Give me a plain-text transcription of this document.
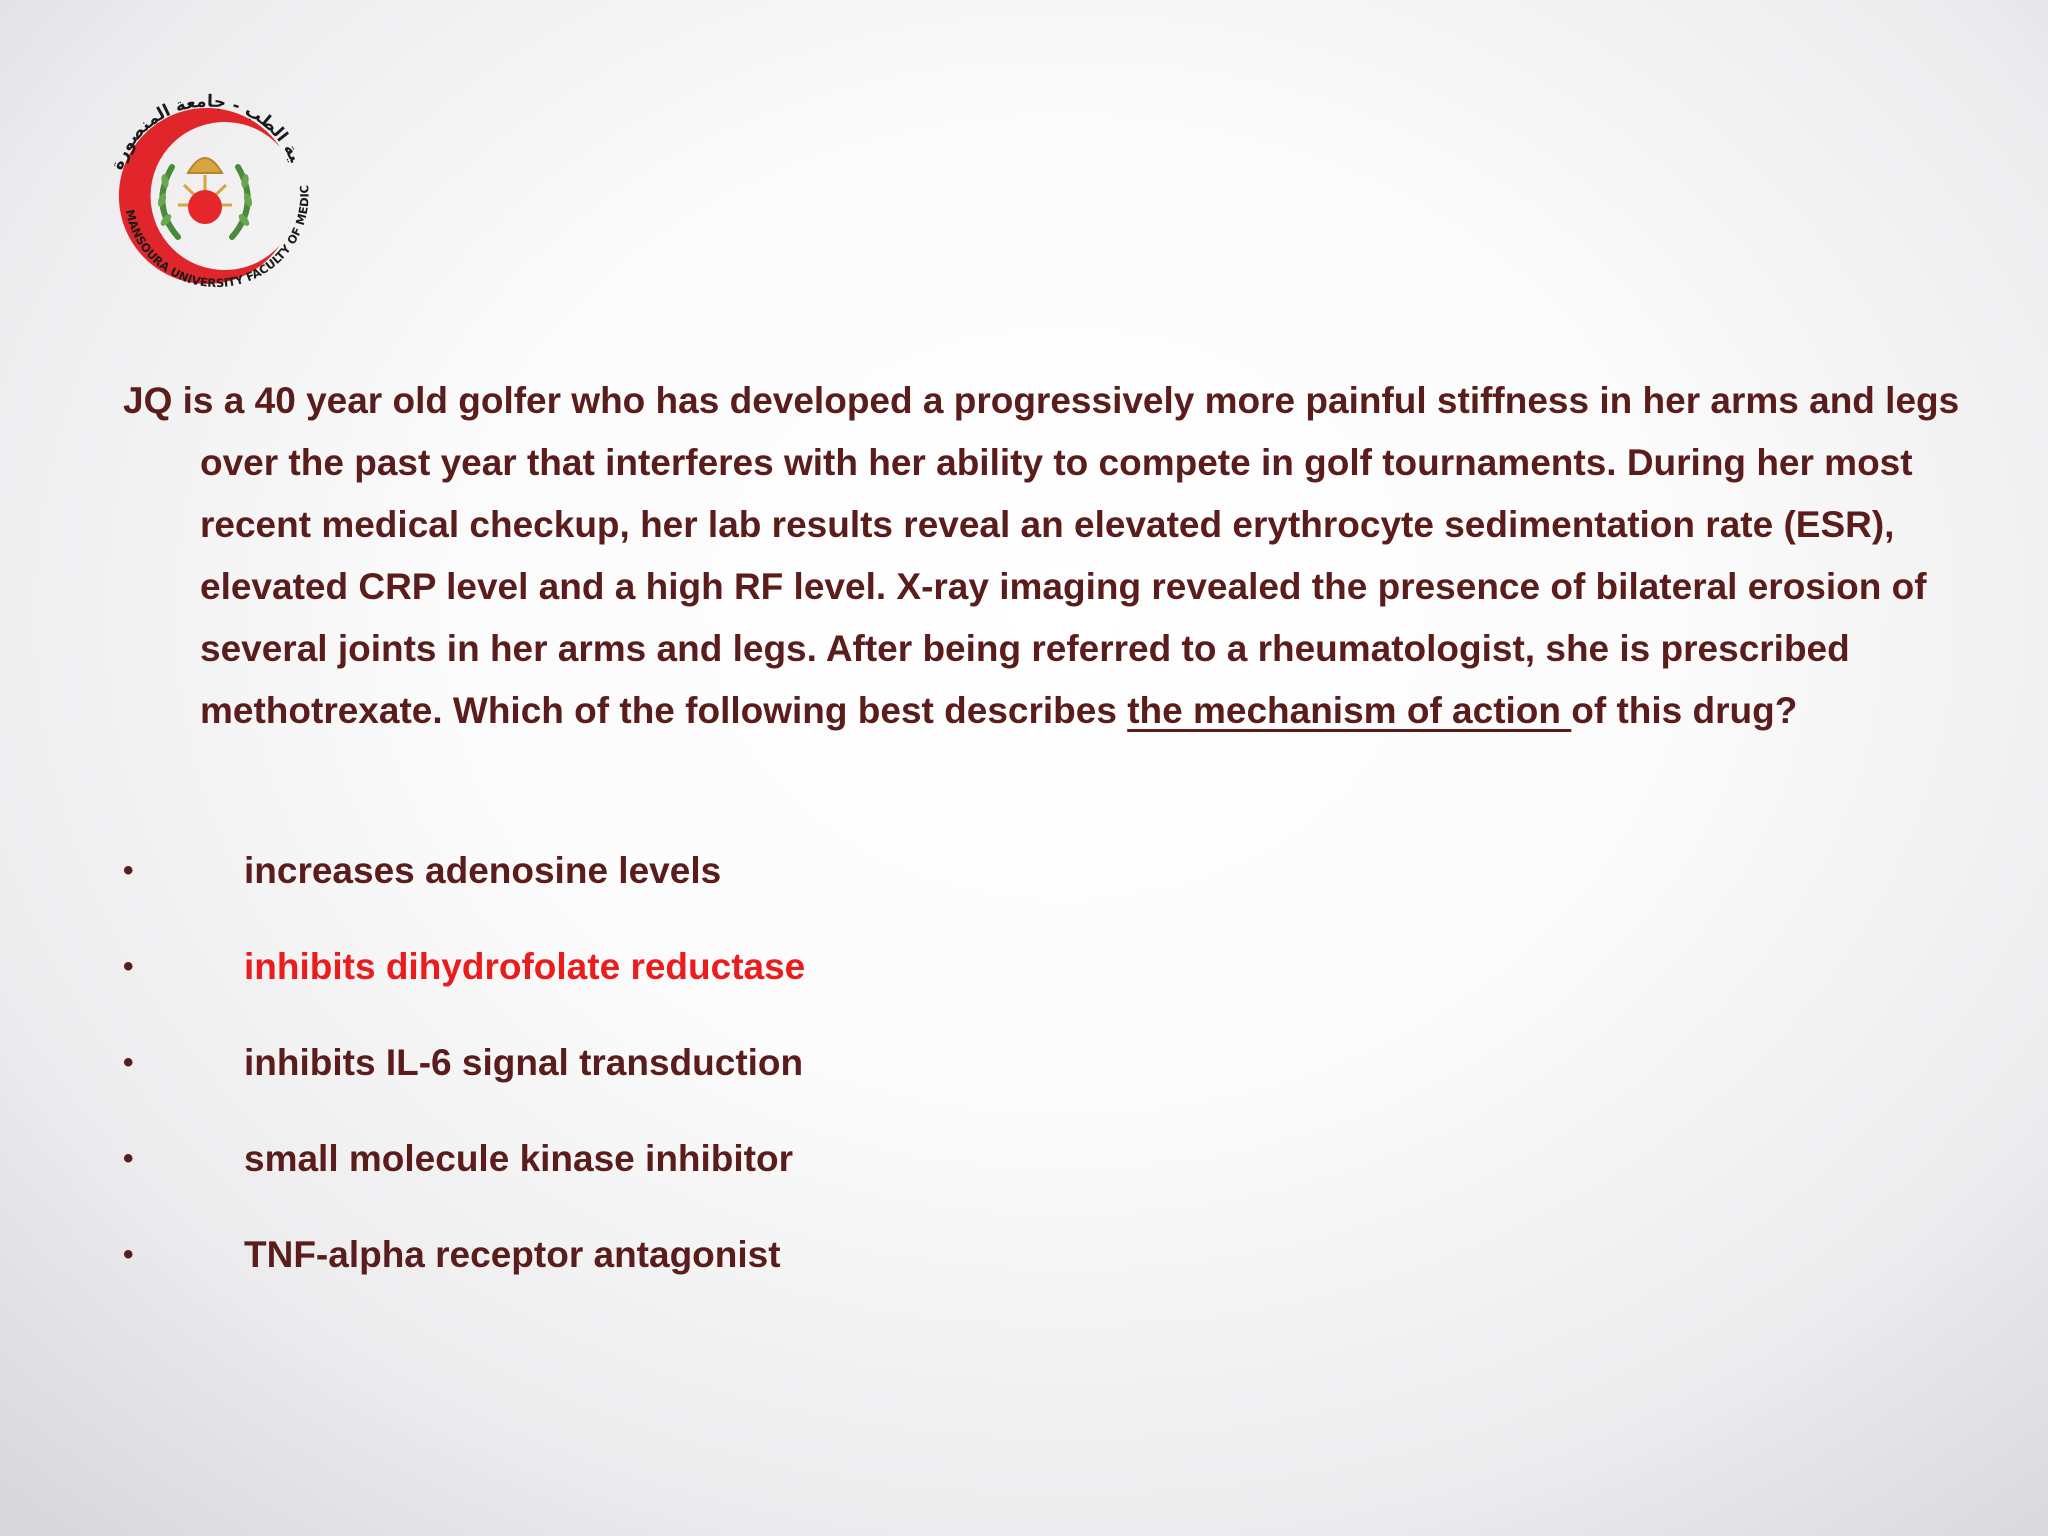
ية الطب - جامعة المنصورة
MANSOURA UNIVERSITY FACULTY OF MEDIC
JQ is a 40 year old golfer who has developed a progressively more painful stiffness in her arms and legs over the past year that interferes with her ability to compete in golf tournaments. During her most recent medical checkup, her lab results reveal an elevated erythrocyte sedimentation rate (ESR), elevated CRP level and a high RF level. X-ray imaging revealed the presence of bilateral erosion of several joints in her arms and legs. After being referred to a rheumatologist, she is prescribed methotrexate. Which of the following best describes the mechanism of action of this drug?
•	increases adenosine levels
•	inhibits dihydrofolate reductase
•	inhibits IL-6 signal transduction
•	small molecule kinase inhibitor
•	TNF-alpha receptor antagonist
